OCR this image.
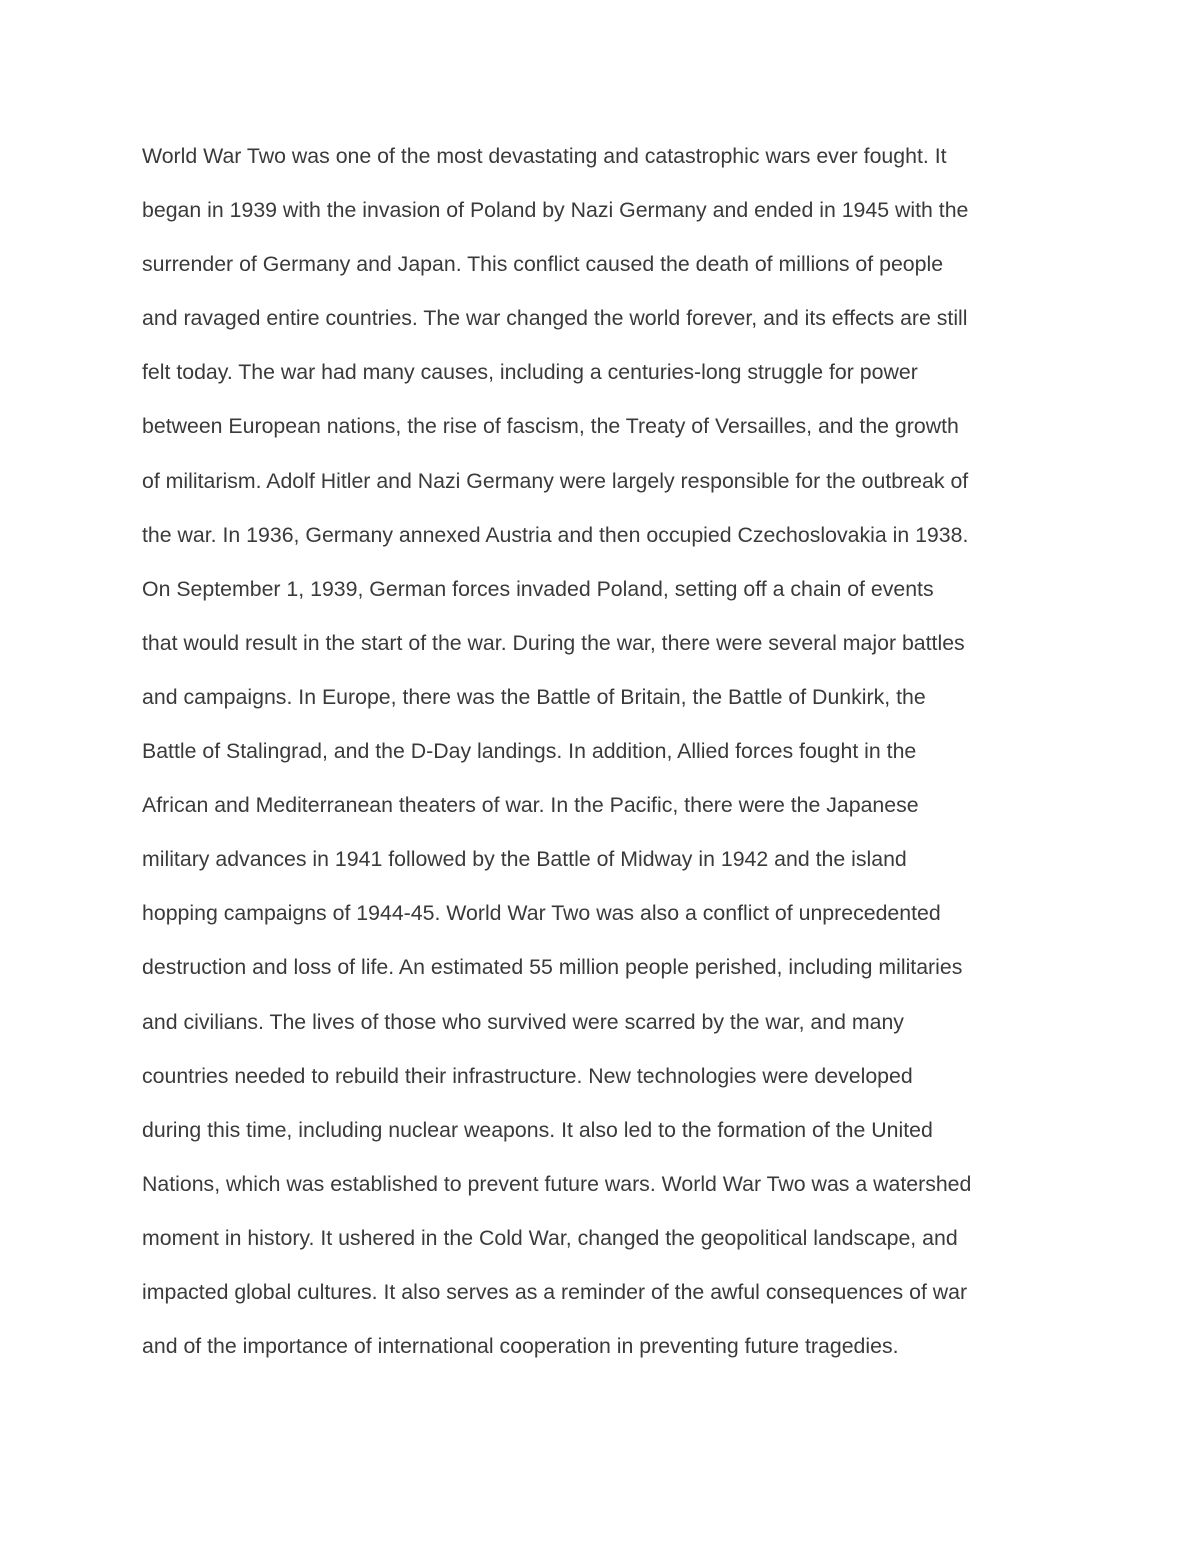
World War Two was one of the most devastating and catastrophic wars ever fought. It
began in 1939 with the invasion of Poland by Nazi Germany and ended in 1945 with the
surrender of Germany and Japan. This conflict caused the death of millions of people
and ravaged entire countries. The war changed the world forever, and its effects are still
felt today. The war had many causes, including a centuries-long struggle for power
between European nations, the rise of fascism, the Treaty of Versailles, and the growth
of militarism. Adolf Hitler and Nazi Germany were largely responsible for the outbreak of
the war. In 1936, Germany annexed Austria and then occupied Czechoslovakia in 1938.
On September 1, 1939, German forces invaded Poland, setting off a chain of events
that would result in the start of the war. During the war, there were several major battles
and campaigns. In Europe, there was the Battle of Britain, the Battle of Dunkirk, the
Battle of Stalingrad, and the D-Day landings. In addition, Allied forces fought in the
African and Mediterranean theaters of war. In the Pacific, there were the Japanese
military advances in 1941 followed by the Battle of Midway in 1942 and the island
hopping campaigns of 1944-45. World War Two was also a conflict of unprecedented
destruction and loss of life. An estimated 55 million people perished, including militaries
and civilians. The lives of those who survived were scarred by the war, and many
countries needed to rebuild their infrastructure. New technologies were developed
during this time, including nuclear weapons. It also led to the formation of the United
Nations, which was established to prevent future wars. World War Two was a watershed
moment in history. It ushered in the Cold War, changed the geopolitical landscape, and
impacted global cultures. It also serves as a reminder of the awful consequences of war
and of the importance of international cooperation in preventing future tragedies.
